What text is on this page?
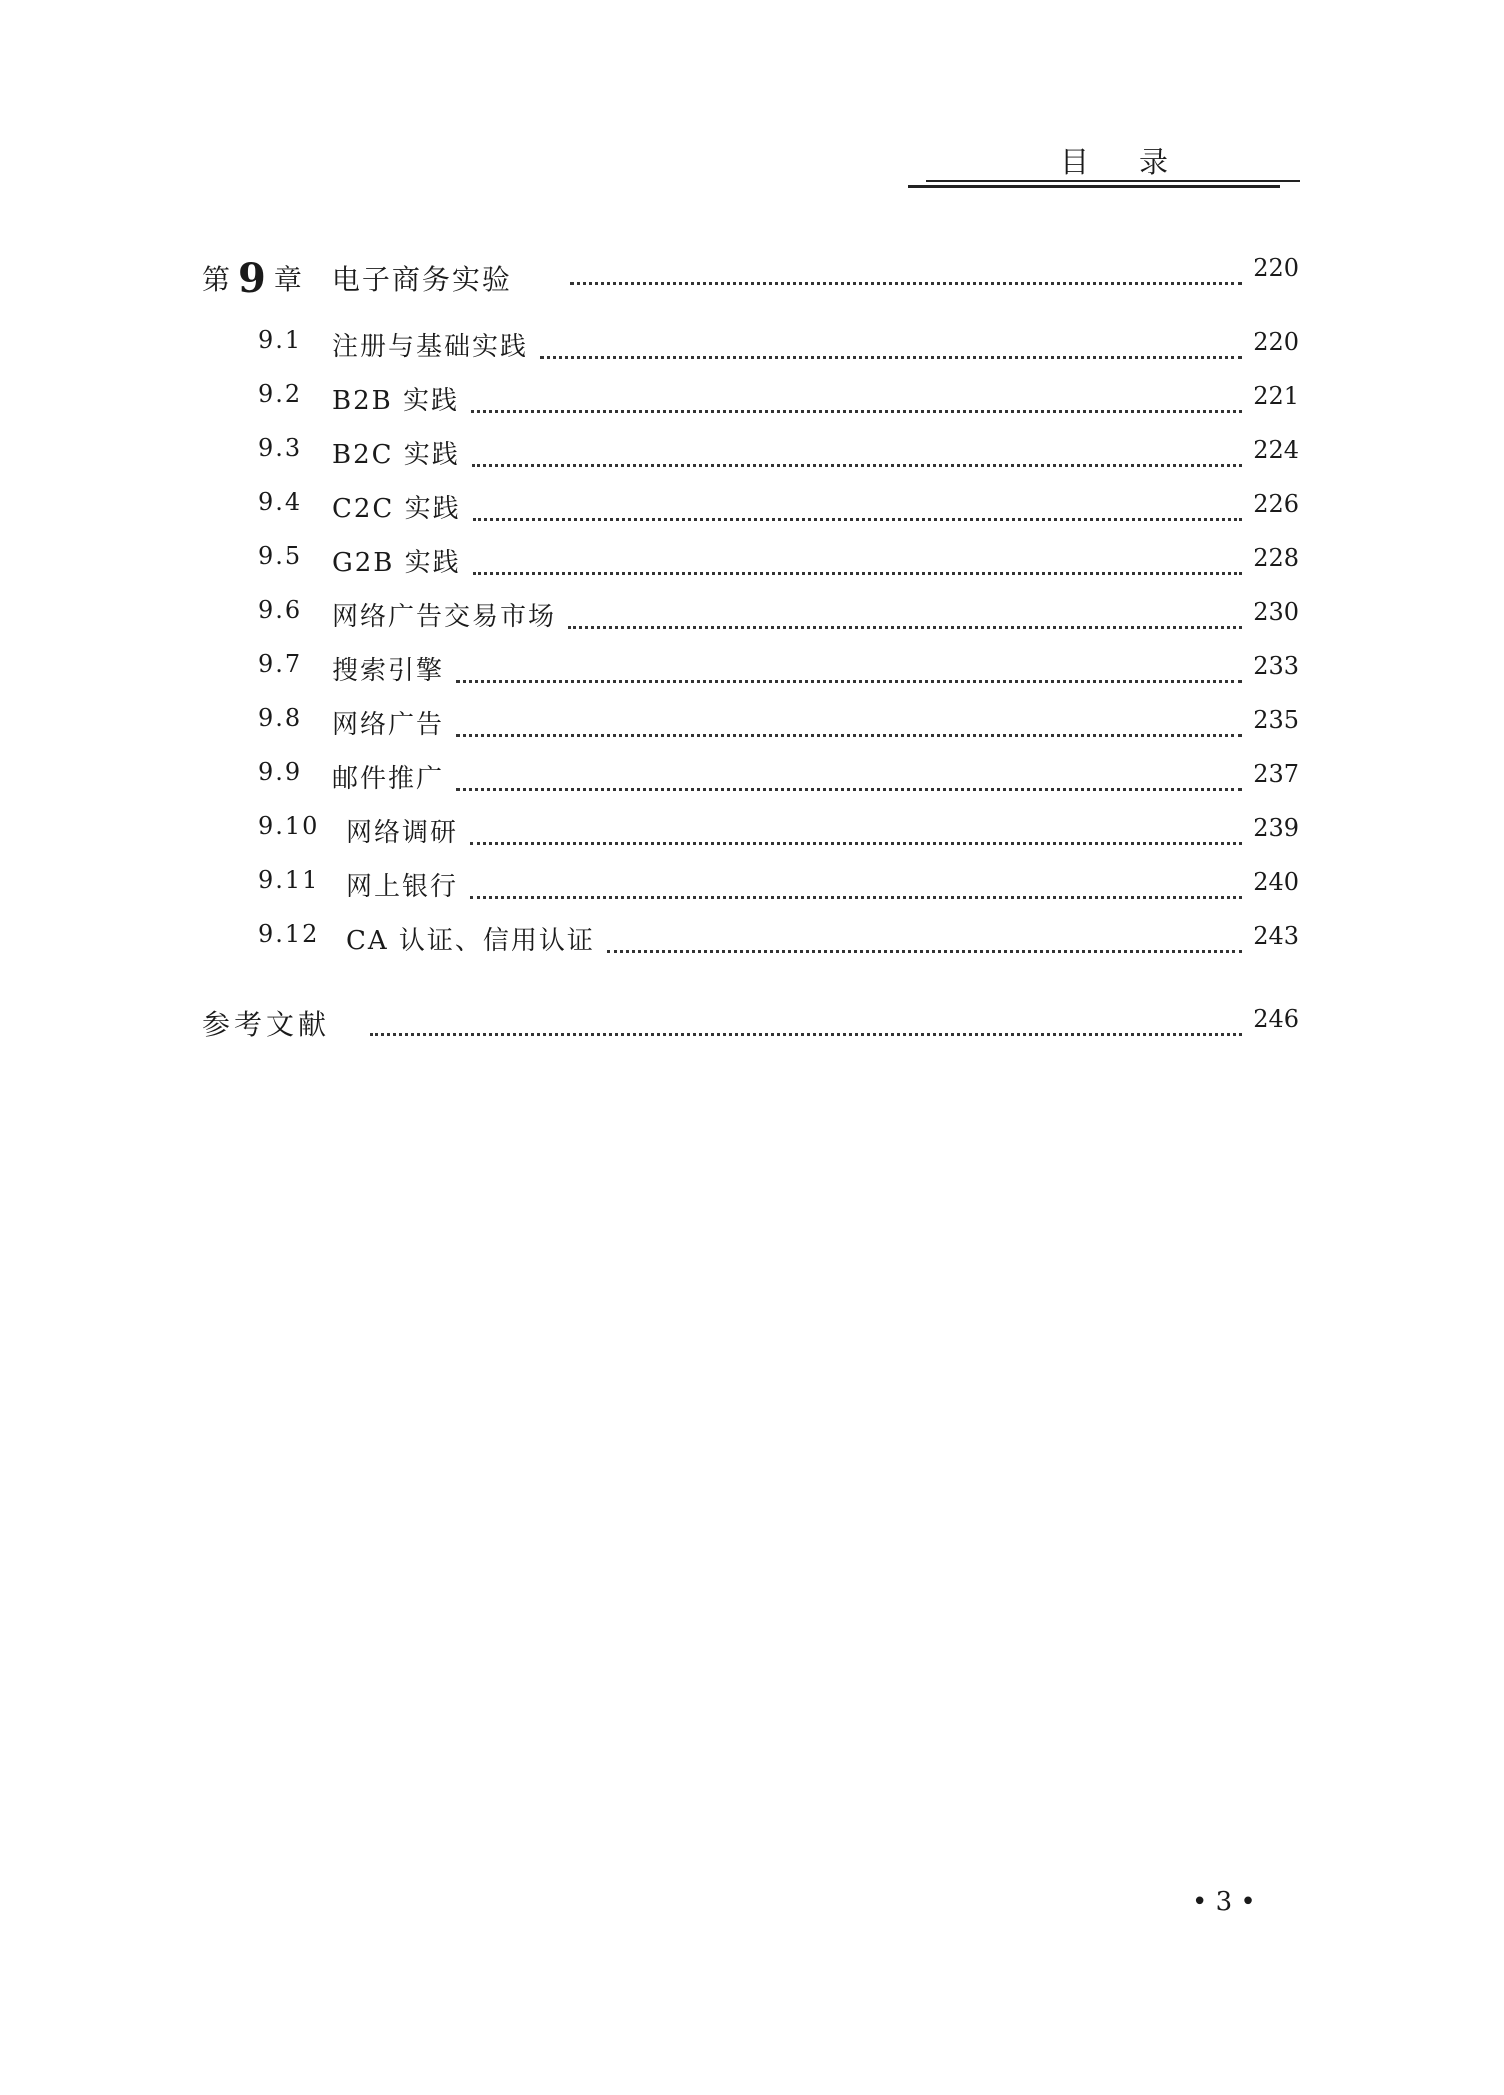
目 录
第 9 章 电子商务实验	220
9.1 注册与基础实践	220
9.2 B2B 实践	221
9.3 B2C 实践	224
9.4 C2C 实践	226
9.5 G2B 实践	228
9.6 网络广告交易市场	230
9.7 搜索引擎	233
9.8 网络广告	235
9.9 邮件推广	237
9.10 网络调研	239
9.11 网上银行	240
9.12 CA 认证、信用认证	243
参考文献	246
• 3 •
